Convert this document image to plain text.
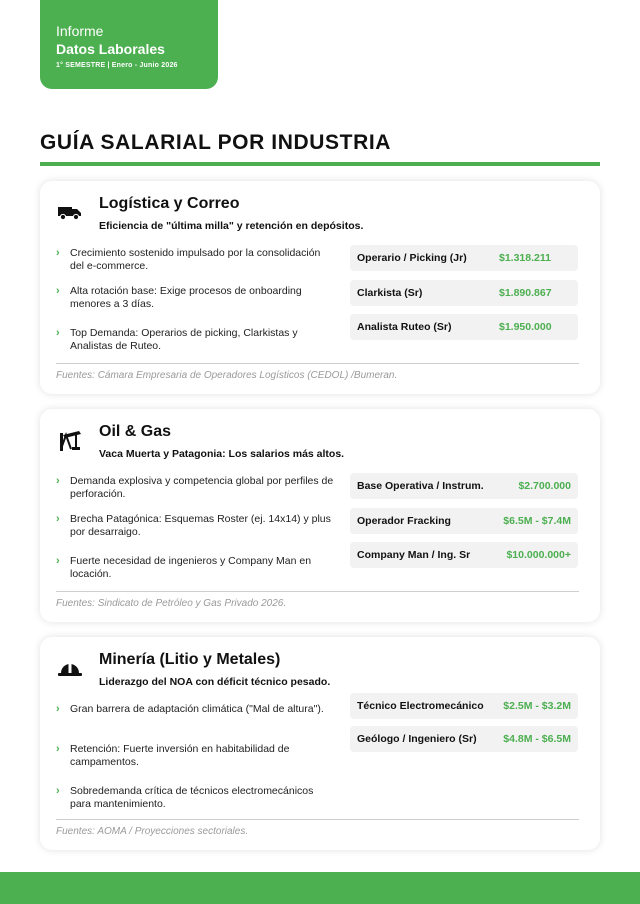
Informe
Datos Laborales
1° SEMESTRE | Enero - Junio 2026
GUÍA SALARIAL POR INDUSTRIA
Logística y Correo
Eficiencia de "última milla" y retención en depósitos.
› Crecimiento sostenido impulsado por la consolidación del e-commerce.
› Alta rotación base: Exige procesos de onboarding menores a 3 días.
› Top Demanda: Operarios de picking, Clarkistas y Analistas de Ruteo.
Operario / Picking (Jr)	$1.318.211
Clarkista (Sr)	$1.890.867
Analista Ruteo (Sr)	$1.950.000
Fuentes: Cámara Empresaria de Operadores Logísticos (CEDOL) /Bumeran.
Oil & Gas
Vaca Muerta y Patagonia: Los salarios más altos.
› Demanda explosiva y competencia global por perfiles de perforación.
› Brecha Patagónica: Esquemas Roster (ej. 14x14) y plus por desarraigo.
› Fuerte necesidad de ingenieros y Company Man en locación.
Base Operativa / Instrum.	$2.700.000
Operador Fracking	$6.5M - $7.4M
Company Man / Ing. Sr	$10.000.000+
Fuentes: Sindicato de Petróleo y Gas Privado 2026.
Minería (Litio y Metales)
Liderazgo del NOA con déficit técnico pesado.
› Gran barrera de adaptación climática ("Mal de altura").
› Retención: Fuerte inversión en habitabilidad de campamentos.
› Sobredemanda crítica de técnicos electromecánicos para mantenimiento.
Técnico Electromecánico $2.5M - $3.2M
Geólogo / Ingeniero (Sr)	$4.8M - $6.5M
Fuentes: AOMA / Proyecciones sectoriales.
